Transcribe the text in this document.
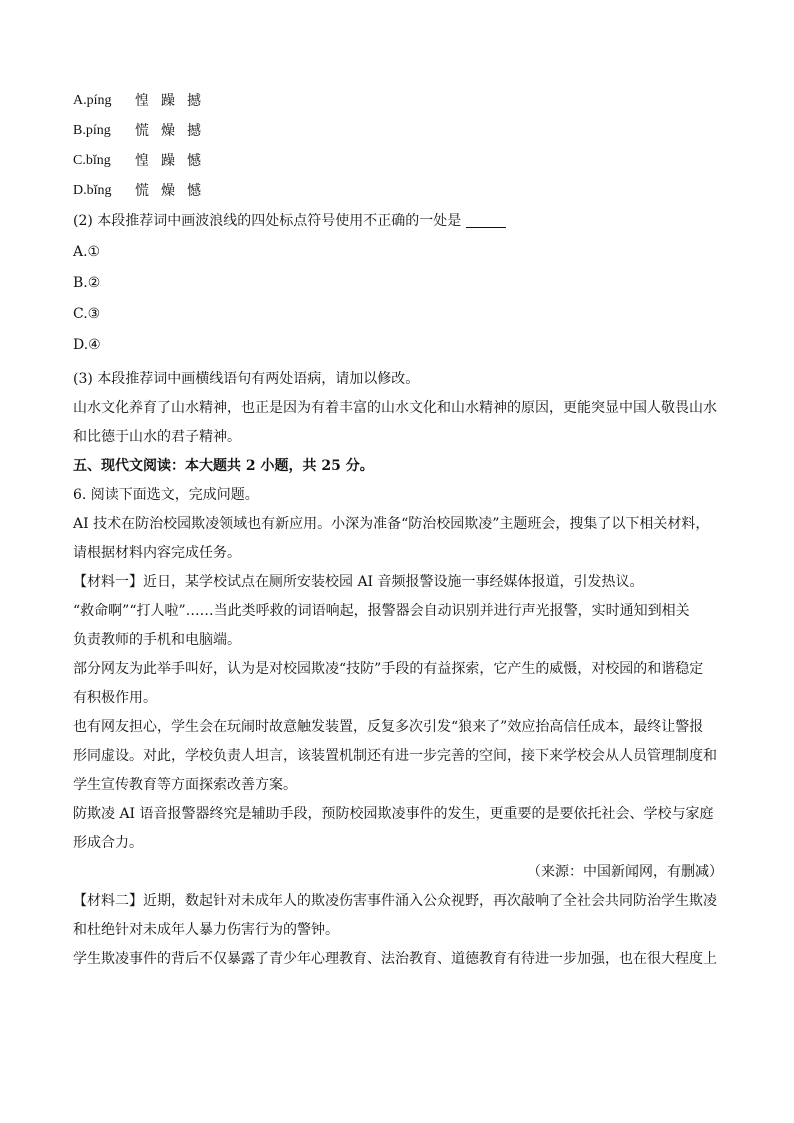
A.píng	惶 躁 撼
B.píng	慌 燥 撼
C.bǐng	惶 躁 憾
D.bǐng	慌 燥 憾
(2) 本段推荐词中画波浪线的四处标点符号使用不正确的一处是
A.①
B.②
C.③
D.④

(3) 本段推荐词中画横线语句有两处语病，请加以修改。

山水文化养育了山水精神，也正是因为有着丰富的山水文化和山水精神的原因，更能突显中国人敬畏山水

和比德于山水的君子精神。

五、现代文阅读：本大题共 2 小题，共 25 分。

6. 阅读下面选文，完成问题。

AI 技术在防治校园欺凌领域也有新应用。小深为准备“防治校园欺凌”主题班会，搜集了以下相关材料，

请根据材料内容完成任务。

【材料一】近日，某学校试点在厕所安装校园 AI 音频报警设施一事经媒体报道，引发热议。

“救命啊”“打人啦”……当此类呼救的词语响起，报警器会自动识别并进行声光报警，实时通知到相关

负责教师的手机和电脑端。

部分网友为此举手叫好，认为是对校园欺凌“技防”手段的有益探索，它产生的威慑，对校园的和谐稳定

有积极作用。

也有网友担心，学生会在玩闹时故意触发装置，反复多次引发“狼来了”效应抬高信任成本，最终让警报

形同虚设。对此，学校负责人坦言，该装置机制还有进一步完善的空间，接下来学校会从人员管理制度和

学生宣传教育等方面探索改善方案。

防欺凌 AI 语音报警器终究是辅助手段，预防校园欺凌事件的发生，更重要的是要依托社会、学校与家庭

形成合力。

（来源：中国新闻网，有删减）

【材料二】近期，数起针对未成年人的欺凌伤害事件涌入公众视野，再次敲响了全社会共同防治学生欺凌

和杜绝针对未成年人暴力伤害行为的警钟。

学生欺凌事件的背后不仅暴露了青少年心理教育、法治教育、道德教育有待进一步加强，也在很大程度上
